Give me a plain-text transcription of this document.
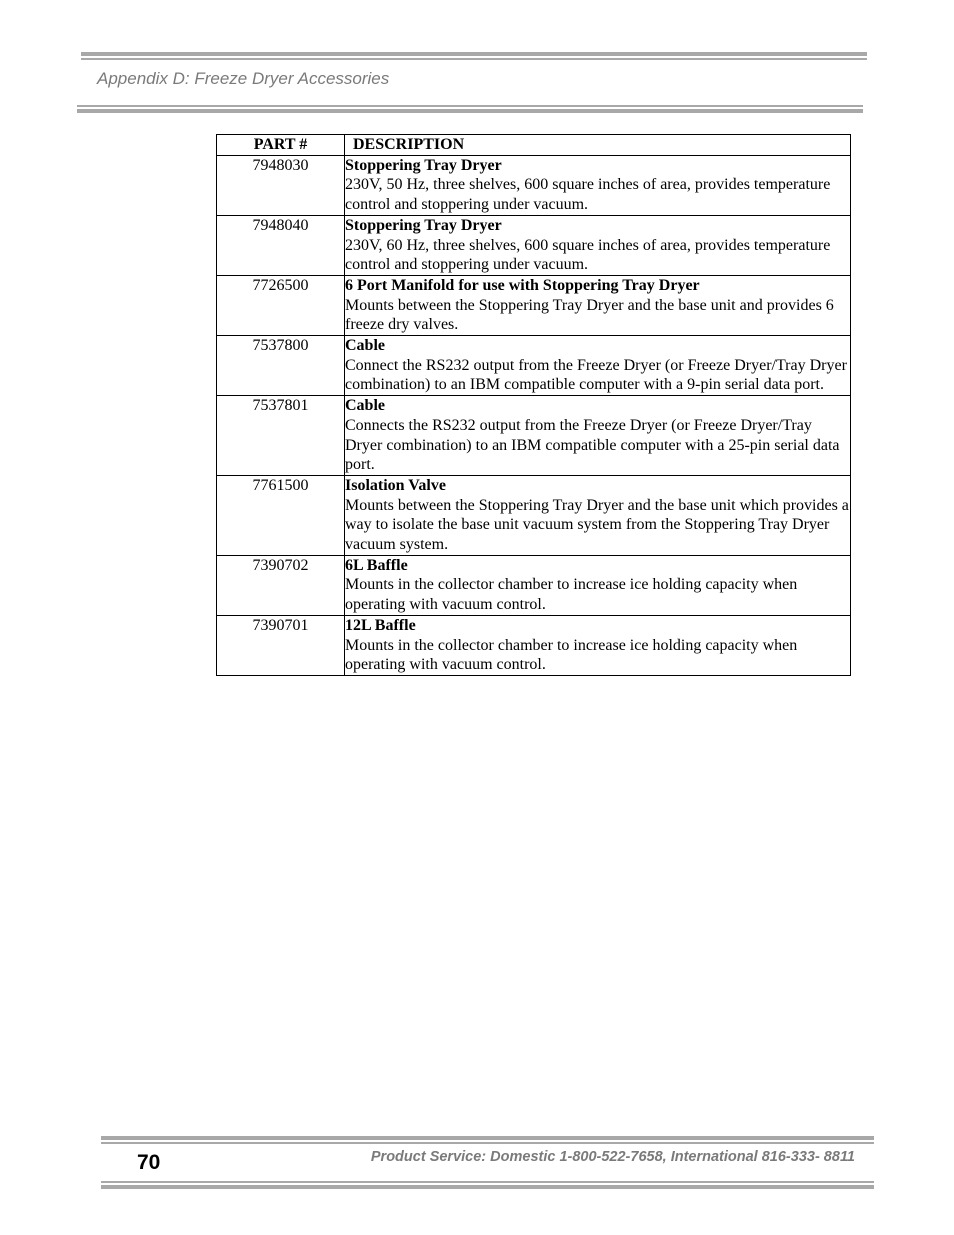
Appendix D: Freeze Dryer Accessories
PART #	DESCRIPTION
7948030	Stoppering Tray Dryer
230V, 50 Hz, three shelves, 600 square inches of area, provides temperature control and stoppering under vacuum.

7948040	Stoppering Tray Dryer
230V, 60 Hz, three shelves, 600 square inches of area, provides temperature control and stoppering under vacuum.

7726500	6 Port Manifold for use with Stoppering Tray Dryer
Mounts between the Stoppering Tray Dryer and the base unit and provides 6 freeze dry valves.

7537800	Cable
Connect the RS232 output from the Freeze Dryer (or Freeze Dryer/Tray Dryer combination) to an IBM compatible computer with a 9-pin serial data port.

7537801	Cable
Connects the RS232 output from the Freeze Dryer (or Freeze Dryer/Tray Dryer combination) to an IBM compatible computer with a 25-pin serial data port.

7761500	Isolation Valve
Mounts between the Stoppering Tray Dryer and the base unit which provides a way to isolate the base unit vacuum system from the Stoppering Tray Dryer vacuum system.

7390702	6L Baffle
Mounts in the collector chamber to increase ice holding capacity when operating with vacuum control.

7390701	12L Baffle
Mounts in the collector chamber to increase ice holding capacity when operating with vacuum control.
70	Product Service: Domestic 1-800-522-7658, International 816-333- 8811
